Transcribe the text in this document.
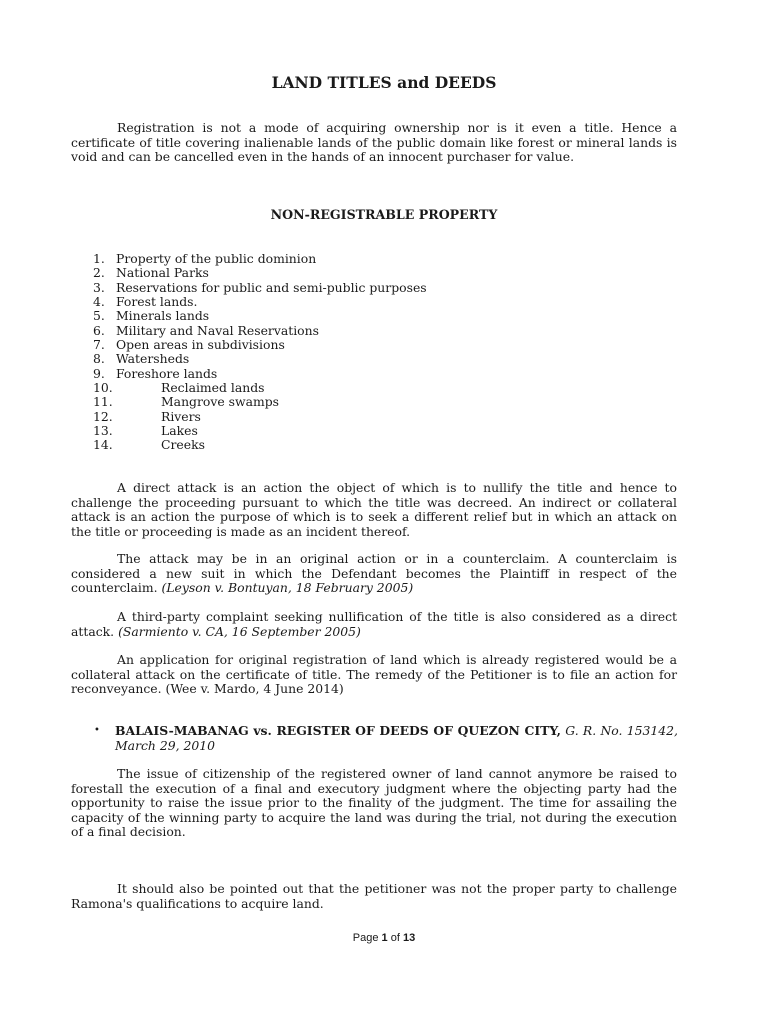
LAND TITLES and DEEDS

Registration is not a mode of acquiring ownership nor is it even a title. Hence a certificate of title covering inalienable lands of the public domain like forest or mineral lands is void and can be cancelled even in the hands of an innocent purchaser for value.

NON-REGISTRABLE PROPERTY
1. Property of the public dominion
2. National Parks
3. Reservations for public and semi-public purposes
4. Forest lands.
5. Minerals lands
6. Military and Naval Reservations
7. Open areas in subdivisions
8. Watersheds
9. Foreshore lands
10.	Reclaimed lands
11.	Mangrove swamps
12.	Rivers
13.	Lakes
14.	Creeks

A direct attack is an action the object of which is to nullify the title and hence to challenge the proceeding pursuant to which the title was decreed. An indirect or collateral attack is an action the purpose of which is to seek a different relief but in which an attack on the title or proceeding is made as an incident thereof.

The attack may be in an original action or in a counterclaim. A counterclaim is considered a new suit in which the Defendant becomes the Plaintiff in respect of the counterclaim. (Leyson v. Bontuyan, 18 February 2005)

A third-party complaint seeking nullification of the title is also considered as a direct attack. (Sarmiento v. CA, 16 September 2005)

An application for original registration of land which is already registered would be a collateral attack on the certificate of title. The remedy of the Petitioner is to file an action for reconveyance. (Wee v. Mardo, 4 June 2014)

• BALAIS-MABANAG vs. REGISTER OF DEEDS OF QUEZON CITY, G. R. No. 153142, March 29, 2010

The issue of citizenship of the registered owner of land cannot anymore be raised to forestall the execution of a final and executory judgment where the objecting party had the opportunity to raise the issue prior to the finality of the judgment. The time for assailing the capacity of the winning party to acquire the land was during the trial, not during the execution of a final decision.

It should also be pointed out that the petitioner was not the proper party to challenge Ramona's qualifications to acquire land.

Page 1 of 13
